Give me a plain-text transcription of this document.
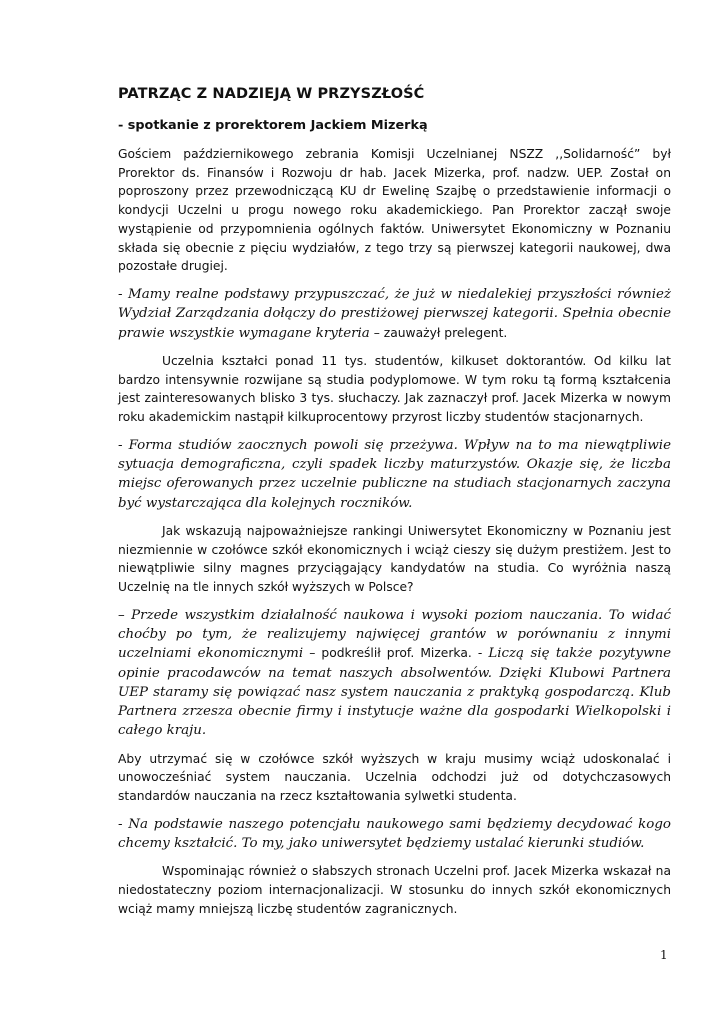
PATRZĄC Z NADZIEJĄ W PRZYSZŁOŚĆ

- spotkanie z prorektorem Jackiem Mizerką

Gościem październikowego zebrania Komisji Uczelnianej NSZZ ,,Solidarność” był Prorektor ds. Finansów i Rozwoju dr hab. Jacek Mizerka, prof. nadzw. UEP. Został on poproszony przez przewodniczącą KU dr Ewelinę Szajbę o przedstawienie informacji o kondycji Uczelni u progu nowego roku akademickiego. Pan Prorektor zaczął swoje wystąpienie od przypomnienia ogólnych faktów. Uniwersytet Ekonomiczny w Poznaniu składa się obecnie z pięciu wydziałów, z tego trzy są pierwszej kategorii naukowej, dwa pozostałe drugiej.

- Mamy realne podstawy przypuszczać, że już w niedalekiej przyszłości również Wydział Zarządzania dołączy do prestiżowej pierwszej kategorii. Spełnia obecnie prawie wszystkie wymagane kryteria – zauważył prelegent.

Uczelnia kształci ponad 11 tys. studentów, kilkuset doktorantów. Od kilku lat bardzo intensywnie rozwijane są studia podyplomowe. W tym roku tą formą kształcenia jest zainteresowanych blisko 3 tys. słuchaczy. Jak zaznaczył prof. Jacek Mizerka w nowym roku akademickim nastąpił kilkuprocentowy przyrost liczby studentów stacjonarnych.

- Forma studiów zaocznych powoli się przeżywa. Wpływ na to ma niewątpliwie sytuacja demograficzna, czyli spadek liczby maturzystów. Okazje się, że liczba miejsc oferowanych przez uczelnie publiczne na studiach stacjonarnych zaczyna być wystarczająca dla kolejnych roczników.

Jak wskazują najpoważniejsze rankingi Uniwersytet Ekonomiczny w Poznaniu jest niezmiennie w czołówce szkół ekonomicznych i wciąż cieszy się dużym prestiżem. Jest to niewątpliwie silny magnes przyciągający kandydatów na studia. Co wyróżnia naszą Uczelnię na tle innych szkół wyższych w Polsce?

– Przede wszystkim działalność naukowa i wysoki poziom nauczania. To widać choćby po tym, że realizujemy najwięcej grantów w porównaniu z innymi uczelniami ekonomicznymi – podkreślił prof. Mizerka. - Liczą się także pozytywne opinie pracodawców na temat naszych absolwentów. Dzięki Klubowi Partnera UEP staramy się powiązać nasz system nauczania z praktyką gospodarczą. Klub Partnera zrzesza obecnie firmy i instytucje ważne dla gospodarki Wielkopolski i całego kraju.

Aby utrzymać się w czołówce szkół wyższych w kraju musimy wciąż udoskonalać i unowocześniać system nauczania. Uczelnia odchodzi już od dotychczasowych standardów nauczania na rzecz kształtowania sylwetki studenta.

- Na podstawie naszego potencjału naukowego sami będziemy decydować kogo chcemy kształcić. To my, jako uniwersytet będziemy ustalać kierunki studiów.

Wspominając również o słabszych stronach Uczelni prof. Jacek Mizerka wskazał na niedostateczny poziom internacjonalizacji. W stosunku do innych szkół ekonomicznych wciąż mamy mniejszą liczbę studentów zagranicznych.

1
